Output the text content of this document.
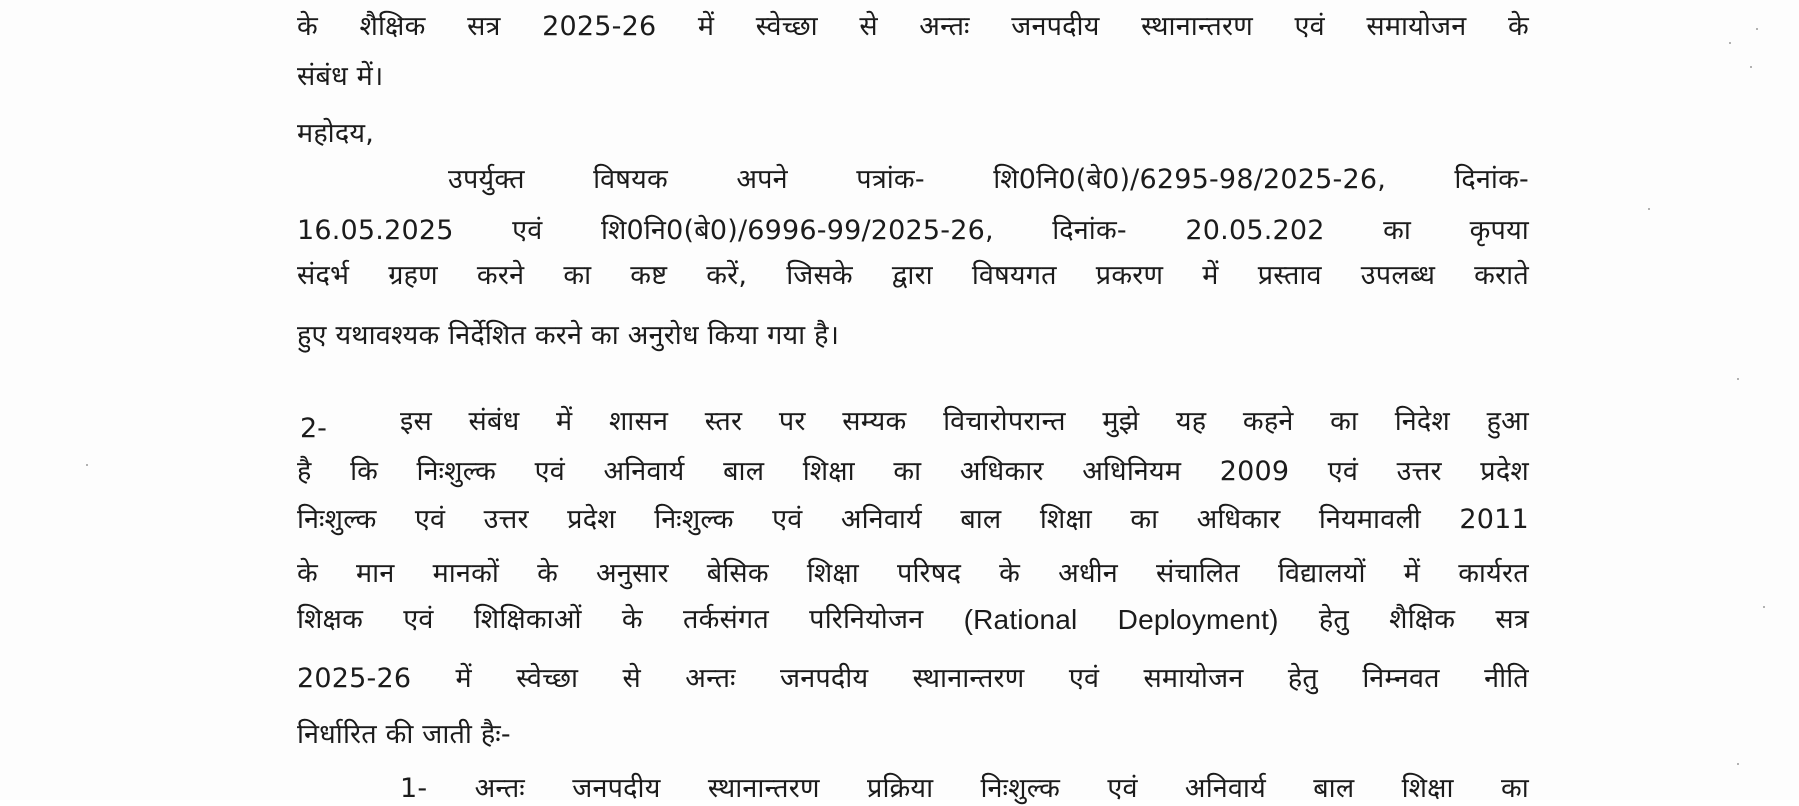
के शैक्षिक सत्र 2025-26 में स्वेच्छा से अन्तः जनपदीय स्थानान्तरण एवं समायोजन के
संबंध में।
महोदय,
उपर्युक्त	विषयक	अपने	पत्रांक-	शि0नि0(बे0)/6295-98/2025-26,	दिनांक-
16.05.2025 एवं शि0नि0(बे0)/6996-99/2025-26, दिनांक- 20.05.202 का कृपया
संदर्भ ग्रहण करने का कष्ट करें, जिसके द्वारा विषयगत प्रकरण में प्रस्ताव उपलब्ध कराते
हुए यथावश्यक निर्देशित करने का अनुरोध किया गया है।
2-	इस संबंध में शासन स्तर पर सम्यक विचारोपरान्त मुझे यह कहने का निदेश हुआ
है कि निःशुल्क एवं अनिवार्य बाल शिक्षा का अधिकार अधिनियम 2009 एवं उत्तर प्रदेश
निःशुल्क एवं उत्तर प्रदेश निःशुल्क एवं अनिवार्य बाल शिक्षा का अधिकार नियमावली 2011
के मान मानकों के अनुसार बेसिक शिक्षा परिषद के अधीन संचालित विद्यालयों में कार्यरत
शिक्षक एवं शिक्षिकाओं के तर्कसंगत परिनियोजन (Rational Deployment) हेतु शैक्षिक सत्र
2025-26 में स्वेच्छा से अन्तः जनपदीय स्थानान्तरण एवं समायोजन हेतु निम्नवत नीति
निर्धारित की जाती हैः-
1- अन्तः जनपदीय स्थानान्तरण प्रक्रिया निःशुल्क एवं अनिवार्य बाल शिक्षा का
